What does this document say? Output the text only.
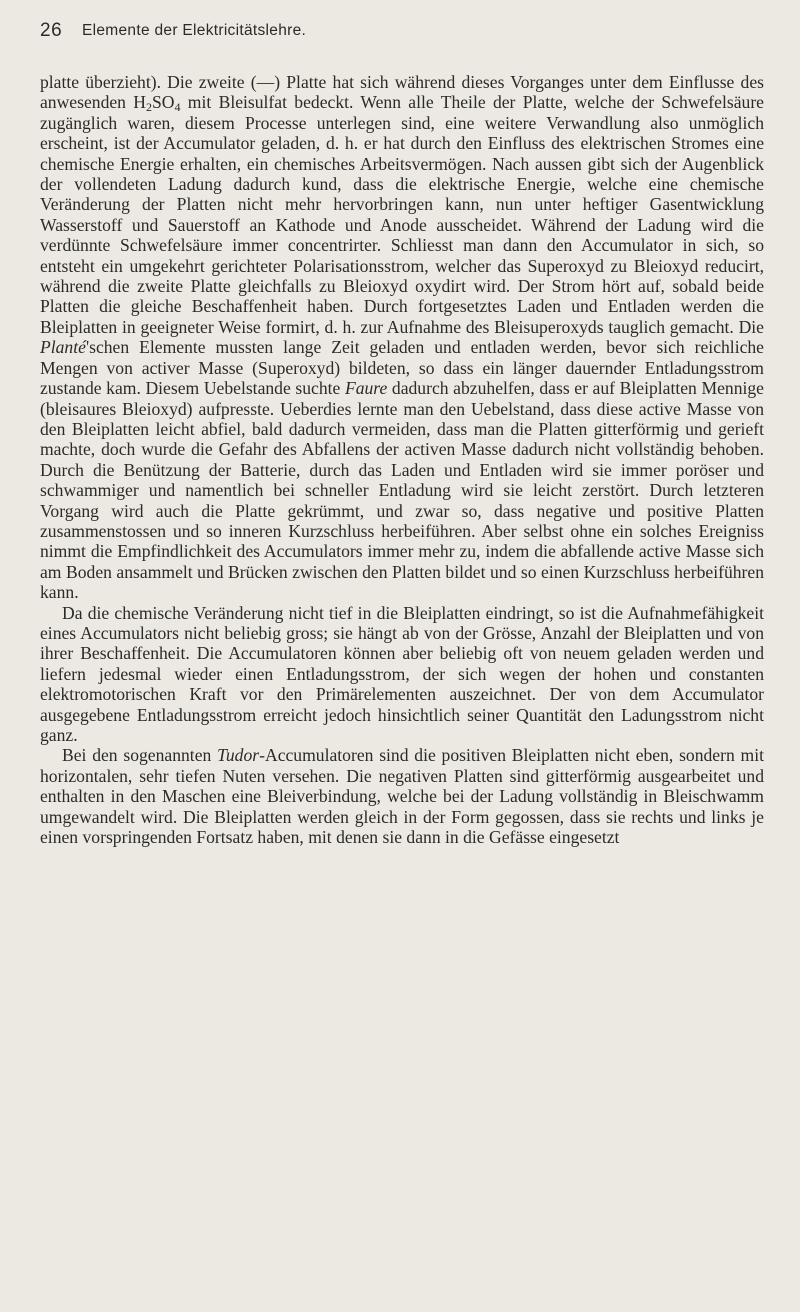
26 Elemente der Elektricitätslehre.

platte überzieht). Die zweite (—) Platte hat sich während dieses Vorganges unter dem Einflusse des anwesenden $H_2SO_4$ mit Bleisulfat bedeckt. Wenn alle Theile der Platte, welche der Schwefelsäure zugänglich waren, diesem Processe unterlegen sind, eine weitere Verwandlung also unmöglich erscheint, ist der Accumulator geladen, d. h. er hat durch den Einfluss des elektrischen Stromes eine chemische Energie erhalten, ein chemisches Arbeitsvermögen. Nach aussen gibt sich der Augenblick der vollendeten Ladung dadurch kund, dass die elektrische Energie, welche eine chemische Veränderung der Platten nicht mehr hervorbringen kann, nun unter heftiger Gasentwicklung Wasserstoff und Sauerstoff an Kathode und Anode ausscheidet. Während der Ladung wird die verdünnte Schwefelsäure immer concentrirter. Schliesst man dann den Accumulator in sich, so entsteht ein umgekehrt gerichteter Polarisationsstrom, welcher das Superoxyd zu Bleioxyd reducirt, während die zweite Platte gleichfalls zu Bleioxyd oxydirt wird. Der Strom hört auf, sobald beide Platten die gleiche Beschaffenheit haben. Durch fortgesetztes Laden und Entladen werden die Bleiplatten in geeigneter Weise formirt, d. h. zur Aufnahme des Bleisuperoxyds tauglich gemacht. Die Planté'schen Elemente mussten lange Zeit geladen und entladen werden, bevor sich reichliche Mengen von activer Masse (Superoxyd) bildeten, so dass ein länger dauernder Entladungsstrom zustande kam. Diesem Uebelstande suchte Faure dadurch abzuhelfen, dass er auf Bleiplatten Mennige (bleisaures Bleioxyd) aufpresste. Ueberdies lernte man den Uebelstand, dass diese active Masse von den Bleiplatten leicht abfiel, bald dadurch vermeiden, dass man die Platten gitterförmig und gerieft machte, doch wurde die Gefahr des Abfallens der activen Masse dadurch nicht vollständig behoben. Durch die Benützung der Batterie, durch das Laden und Entladen wird sie immer poröser und schwammiger und namentlich bei schneller Entladung wird sie leicht zerstört. Durch letzteren Vorgang wird auch die Platte gekrümmt, und zwar so, dass negative und positive Platten zusammenstossen und so inneren Kurzschluss herbeiführen. Aber selbst ohne ein solches Ereigniss nimmt die Empfindlichkeit des Accumulators immer mehr zu, indem die abfallende active Masse sich am Boden ansammelt und Brücken zwischen den Platten bildet und so einen Kurzschluss herbeiführen kann.

Da die chemische Veränderung nicht tief in die Bleiplatten eindringt, so ist die Aufnahmefähigkeit eines Accumulators nicht beliebig gross; sie hängt ab von der Grösse, Anzahl der Bleiplatten und von ihrer Beschaffenheit. Die Accumulatoren können aber beliebig oft von neuem geladen werden und liefern jedesmal wieder einen Entladungsstrom, der sich wegen der hohen und constanten elektromotorischen Kraft vor den Primärelementen auszeichnet. Der von dem Accumulator ausgegebene Entladungsstrom erreicht jedoch hinsichtlich seiner Quantität den Ladungsstrom nicht ganz.

Bei den sogenannten Tudor-Accumulatoren sind die positiven Bleiplatten nicht eben, sondern mit horizontalen, sehr tiefen Nuten versehen. Die negativen Platten sind gitterförmig ausgearbeitet und enthalten in den Maschen eine Bleiverbindung, welche bei der Ladung vollständig in Bleischwamm umgewandelt wird. Die Bleiplatten werden gleich in der Form gegossen, dass sie rechts und links je einen vorspringenden Fortsatz haben, mit denen sie dann in die Gefässe eingesetzt
